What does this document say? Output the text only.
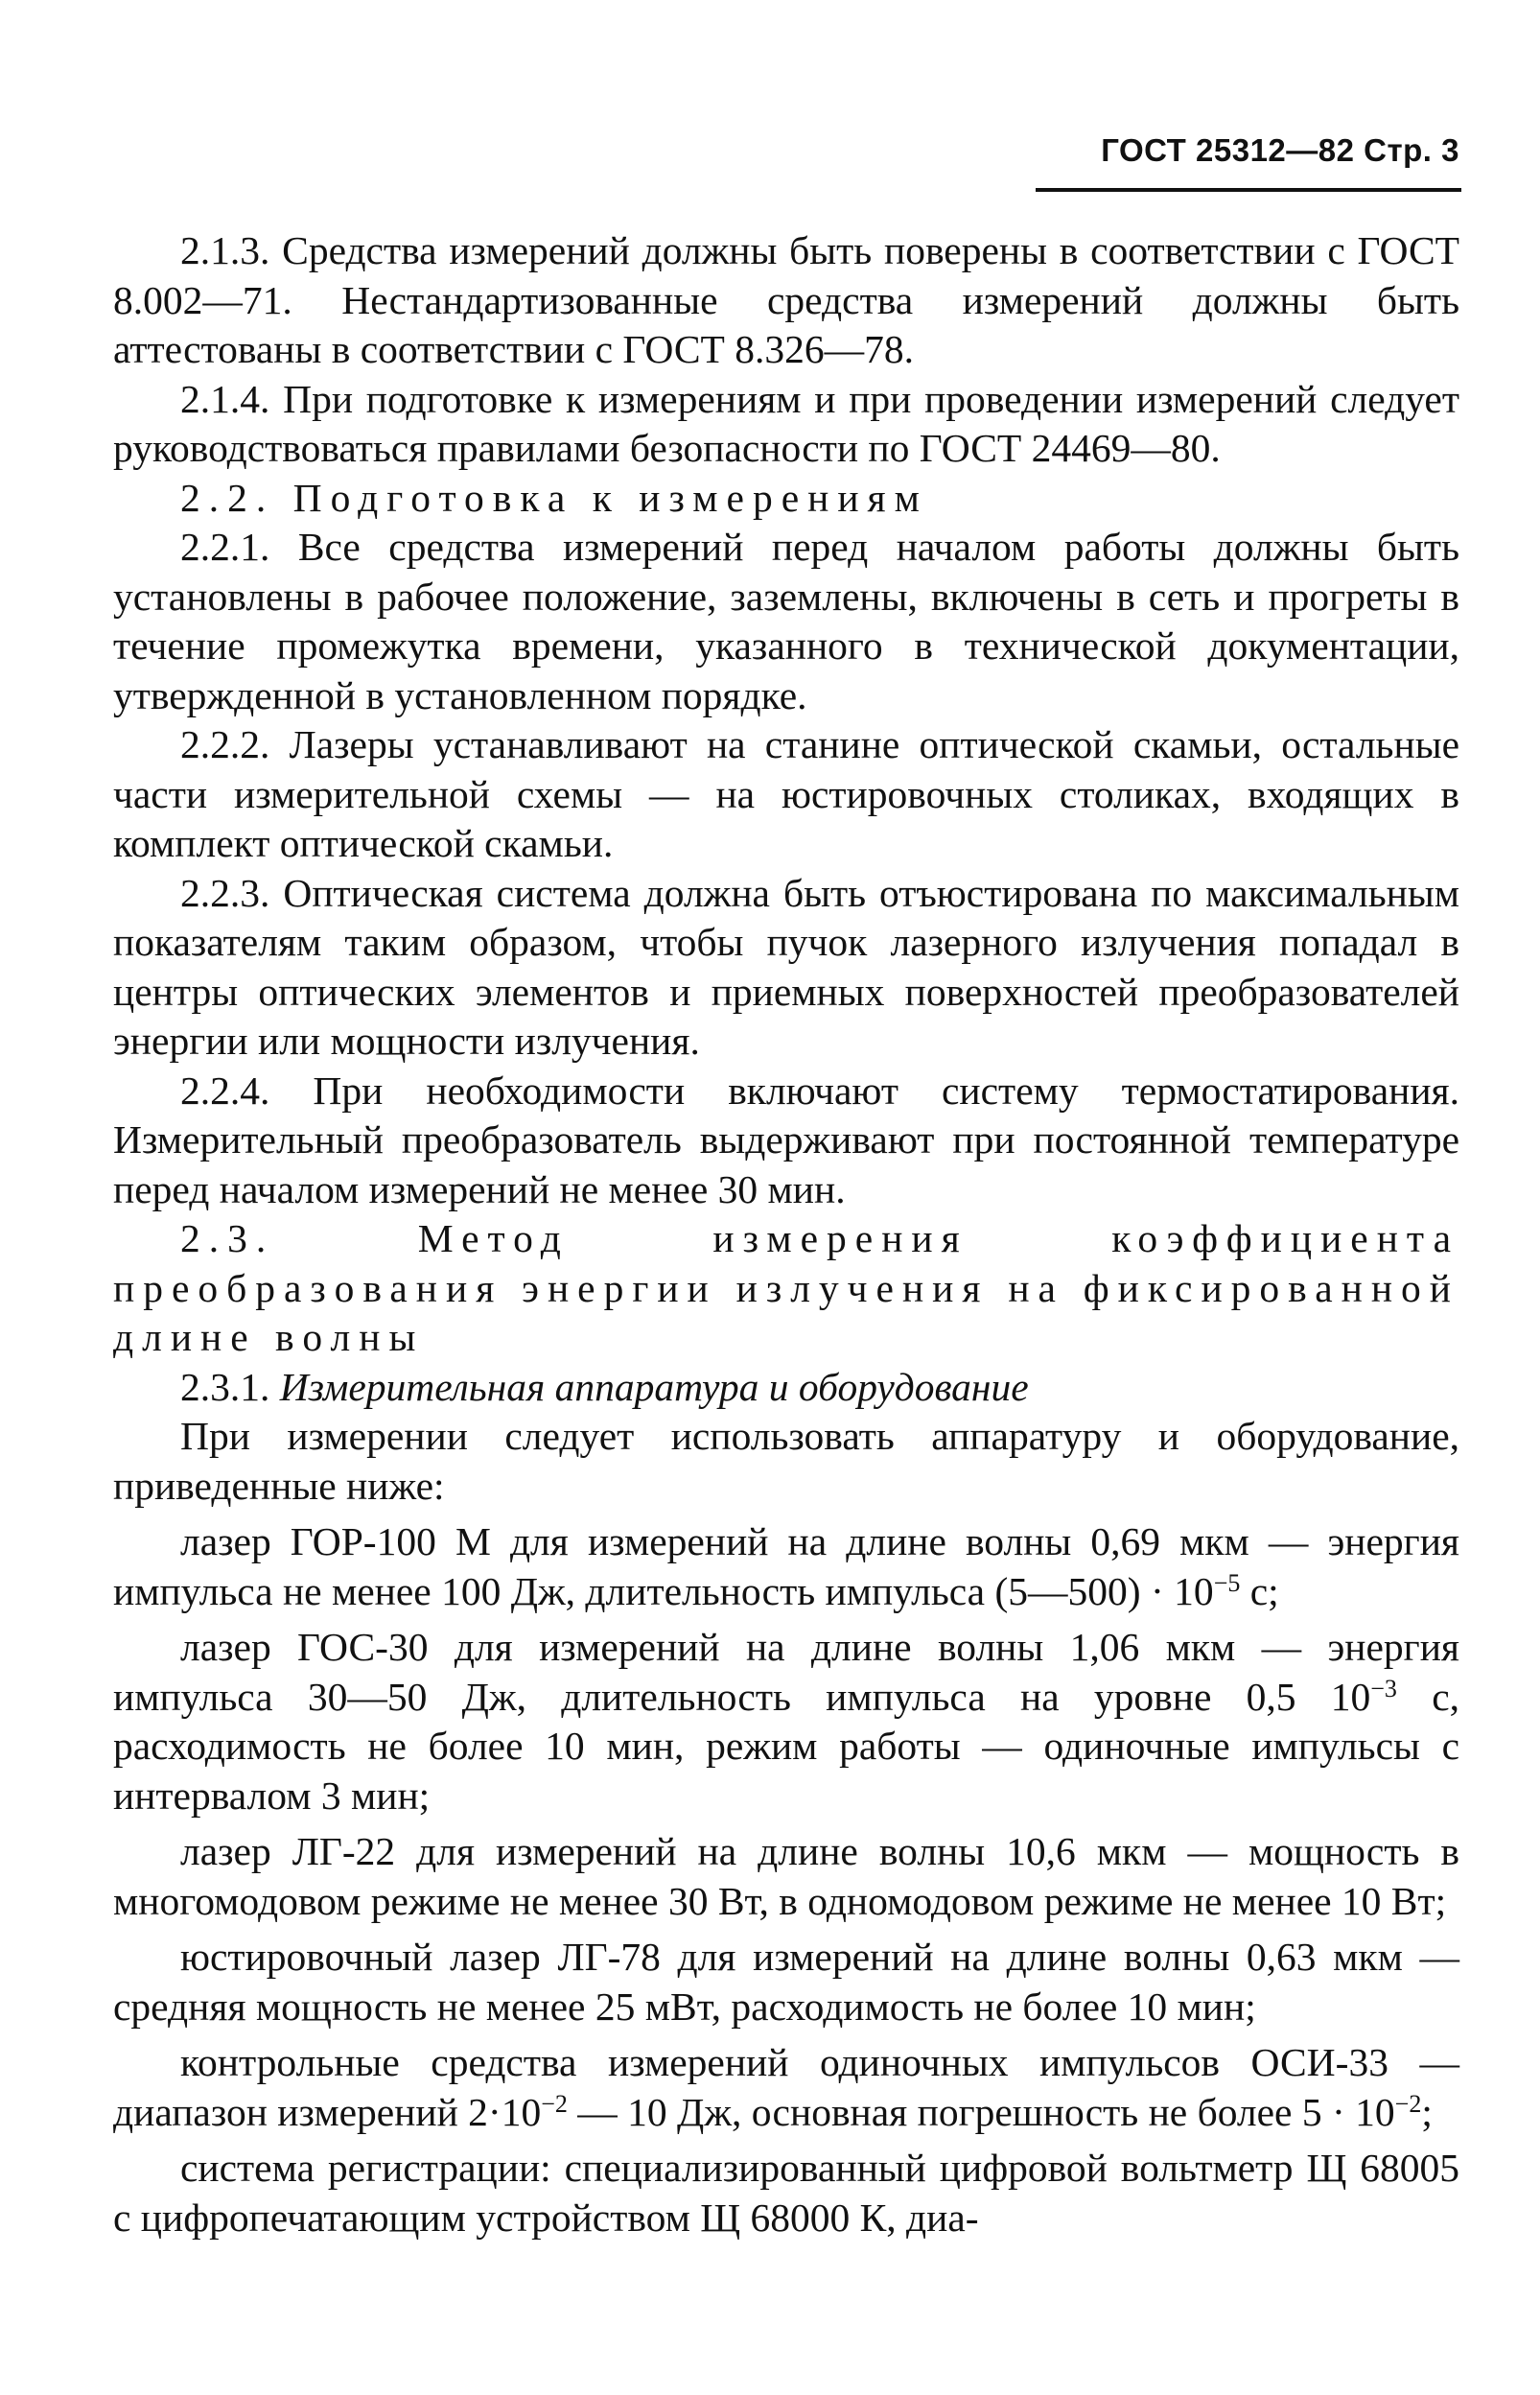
ГОСТ 25312—82 Стр. 3

2.1.3. Средства измерений должны быть поверены в соответствии с ГОСТ 8.002—71. Нестандартизованные средства измерений должны быть аттестованы в соответствии с ГОСТ 8.326—78.

2.1.4. При подготовке к измерениям и при проведении измерений следует руководствоваться правилами безопасности по ГОСТ 24469—80.

2.2. Подготовка к измерениям

2.2.1. Все средства измерений перед началом работы должны быть установлены в рабочее положение, заземлены, включены в сеть и прогреты в течение промежутка времени, указанного в технической документации, утвержденной в установленном порядке.

2.2.2. Лазеры устанавливают на станине оптической скамьи, остальные части измерительной схемы — на юстировочных столиках, входящих в комплект оптической скамьи.

2.2.3. Оптическая система должна быть отъюстирована по максимальным показателям таким образом, чтобы пучок лазерного излучения попадал в центры оптических элементов и приемных поверхностей преобразователей энергии или мощности излучения.

2.2.4. При необходимости включают систему термостатирования. Измерительный преобразователь выдерживают при постоянной температуре перед началом измерений не менее 30 мин.

2.3. Метод измерения коэффициента преобразования энергии излучения на фиксированной длине волны

2.3.1. Измерительная аппаратура и оборудование

При измерении следует использовать аппаратуру и оборудование, приведенные ниже:

лазер ГОР-100 М для измерений на длине волны 0,69 мкм — энергия импульса не менее 100 Дж, длительность импульса (5—500) · $10^{-5}$ с;

лазер ГОС-30 для измерений на длине волны 1,06 мкм — энергия импульса 30—50 Дж, длительность импульса на уровне 0,5 $10^{-3}$ с, расходимость не более 10 мин, режим работы — одиночные импульсы с интервалом 3 мин;

лазер ЛГ-22 для измерений на длине волны 10,6 мкм — мощность в многомодовом режиме не менее 30 Вт, в одномодовом режиме не менее 10 Вт;

юстировочный лазер ЛГ-78 для измерений на длине волны 0,63 мкм — средняя мощность не менее 25 мВт, расходимость не более 10 мин;

контрольные средства измерений одиночных импульсов ОСИ-33 — диапазон измерений $2\cdot 10^{-2}$ — 10 Дж, основная погрешность не более $5 \cdot 10^{-2}$;

система регистрации: специализированный цифровой вольтметр Щ 68005 с цифропечатающим устройством Щ 68000 К, диа-
